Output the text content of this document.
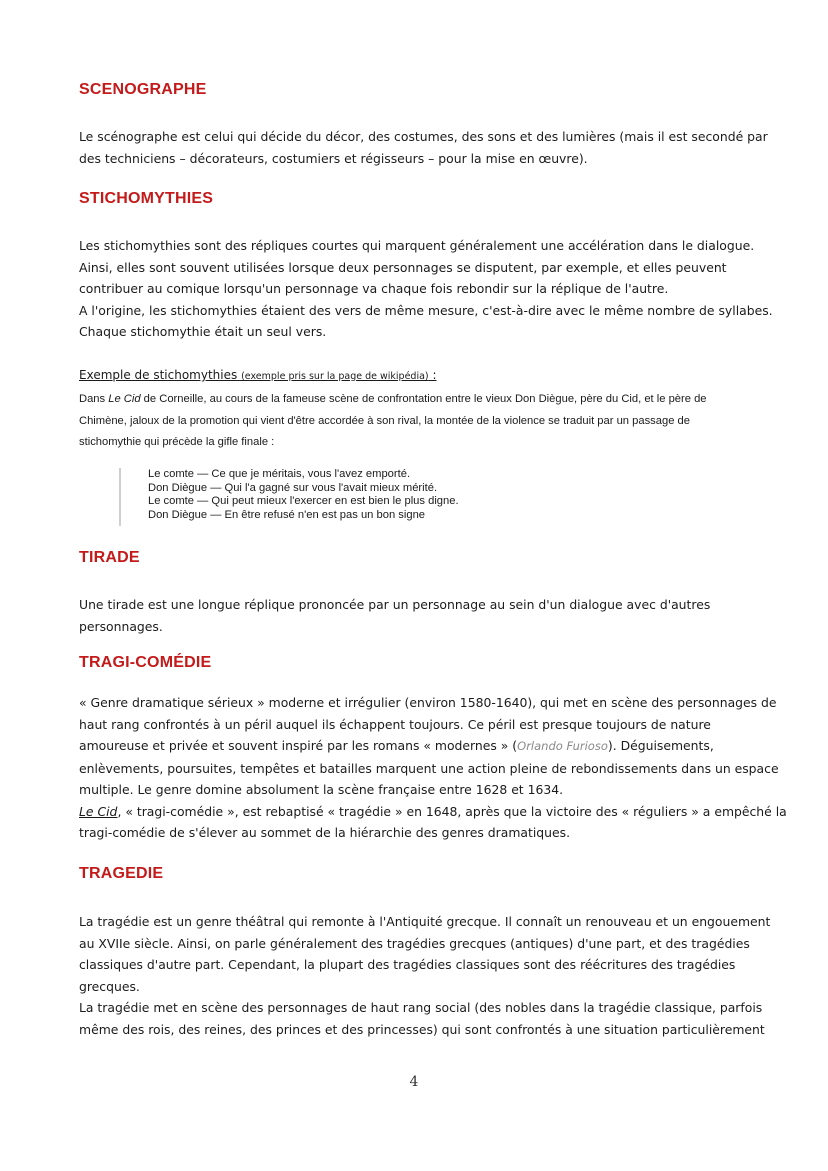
SCENOGRAPHE
Le scénographe est celui qui décide du décor, des costumes, des sons et des lumières (mais il est secondé par
des techniciens – décorateurs, costumiers et régisseurs – pour la mise en œuvre).
STICHOMYTHIES
Les stichomythies sont des répliques courtes qui marquent généralement une accélération dans le dialogue.
Ainsi, elles sont souvent utilisées lorsque deux personnages se disputent, par exemple, et elles peuvent
contribuer au comique lorsqu'un personnage va chaque fois rebondir sur la réplique de l'autre.
A l'origine, les stichomythies étaient des vers de même mesure, c'est-à-dire avec le même nombre de syllabes.
Chaque stichomythie était un seul vers.

Exemple de stichomythies (exemple pris sur la page de wikipédia) :

Dans Le Cid de Corneille, au cours de la fameuse scène de confrontation entre le vieux Don Diègue, père du Cid, et le père de
Chimène, jaloux de la promotion qui vient d'être accordée à son rival, la montée de la violence se traduit par un passage de
stichomythie qui précède la gifle finale :
Le comte — Ce que je méritais, vous l'avez emporté.
Don Diègue — Qui l'a gagné sur vous l'avait mieux mérité.
Le comte — Qui peut mieux l'exercer en est bien le plus digne.
Don Diègue — En être refusé n'en est pas un bon signe
TIRADE
Une tirade est une longue réplique prononcée par un personnage au sein d'un dialogue avec d'autres
personnages.
TRAGI-COMÉDIE
« Genre dramatique sérieux » moderne et irrégulier (environ 1580-1640), qui met en scène des personnages de
haut rang confrontés à un péril auquel ils échappent toujours. Ce péril est presque toujours de nature
amoureuse et privée et souvent inspiré par les romans « modernes » (Orlando Furioso). Déguisements,
enlèvements, poursuites, tempêtes et batailles marquent une action pleine de rebondissements dans un espace
multiple. Le genre domine absolument la scène française entre 1628 et 1634.
Le Cid, « tragi-comédie », est rebaptisé « tragédie » en 1648, après que la victoire des « réguliers » a empêché la
tragi-comédie de s'élever au sommet de la hiérarchie des genres dramatiques.
TRAGEDIE
La tragédie est un genre théâtral qui remonte à l'Antiquité grecque. Il connaît un renouveau et un engouement
au XVIIe siècle. Ainsi, on parle généralement des tragédies grecques (antiques) d'une part, et des tragédies
classiques d'autre part. Cependant, la plupart des tragédies classiques sont des réécritures des tragédies
grecques.
La tragédie met en scène des personnages de haut rang social (des nobles dans la tragédie classique, parfois
même des rois, des reines, des princes et des princesses) qui sont confrontés à une situation particulièrement
4
